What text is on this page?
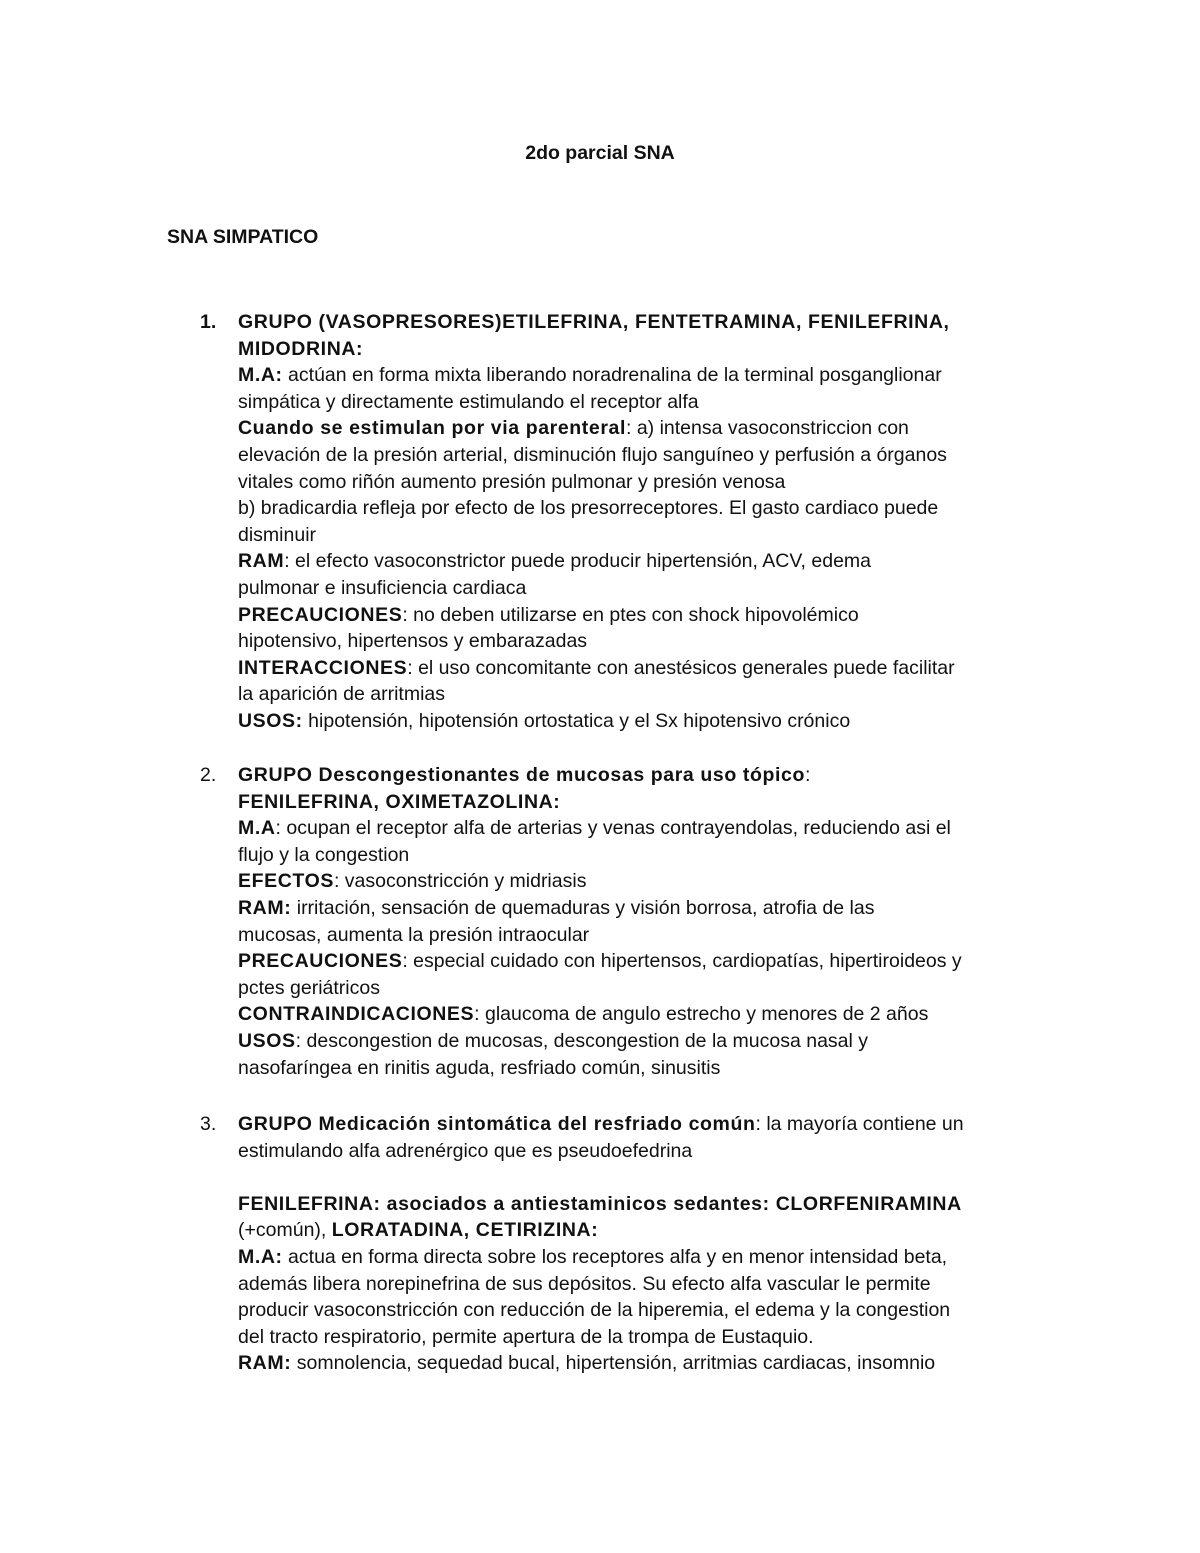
2do parcial SNA
SNA SIMPATICO
1.	GRUPO (VASOPRESORES)ETILEFRINA, FENTETRAMINA, FENILEFRINA,
MIDODRINA:
M.A: actúan en forma mixta liberando noradrenalina de la terminal posganglionar
simpática y directamente estimulando el receptor alfa
Cuando se estimulan por via parenteral: a) intensa vasoconstriccion con
elevación de la presión arterial, disminución flujo sanguíneo y perfusión a órganos
vitales como riñón aumento presión pulmonar y presión venosa
b) bradicardia refleja por efecto de los presorreceptores. El gasto cardiaco puede
disminuir
RAM: el efecto vasoconstrictor puede producir hipertensión, ACV, edema
pulmonar e insuficiencia cardiaca
PRECAUCIONES: no deben utilizarse en ptes con shock hipovolémico
hipotensivo, hipertensos y embarazadas
INTERACCIONES: el uso concomitante con anestésicos generales puede facilitar
la aparición de arritmias
USOS: hipotensión, hipotensión ortostatica y el Sx hipotensivo crónico
2.	GRUPO Descongestionantes de mucosas para uso tópico:
FENILEFRINA, OXIMETAZOLINA:
M.A: ocupan el receptor alfa de arterias y venas contrayendolas, reduciendo asi el
flujo y la congestion
EFECTOS: vasoconstricción y midriasis
RAM: irritación, sensación de quemaduras y visión borrosa, atrofia de las
mucosas, aumenta la presión intraocular
PRECAUCIONES: especial cuidado con hipertensos, cardiopatías, hipertiroideos y
pctes geriátricos
CONTRAINDICACIONES: glaucoma de angulo estrecho y menores de 2 años
USOS: descongestion de mucosas, descongestion de la mucosa nasal y
nasofaríngea en rinitis aguda, resfriado común, sinusitis
3.	GRUPO Medicación sintomática del resfriado común: la mayoría contiene un
estimulando alfa adrenérgico que es pseudoefedrina
FENILEFRINA: asociados a antiestaminicos sedantes: CLORFENIRAMINA
(+común), LORATADINA, CETIRIZINA:
M.A: actua en forma directa sobre los receptores alfa y en menor intensidad beta,
además libera norepinefrina de sus depósitos. Su efecto alfa vascular le permite
producir vasoconstricción con reducción de la hiperemia, el edema y la congestion
del tracto respiratorio, permite apertura de la trompa de Eustaquio.
RAM: somnolencia, sequedad bucal, hipertensión, arritmias cardiacas, insomnio
